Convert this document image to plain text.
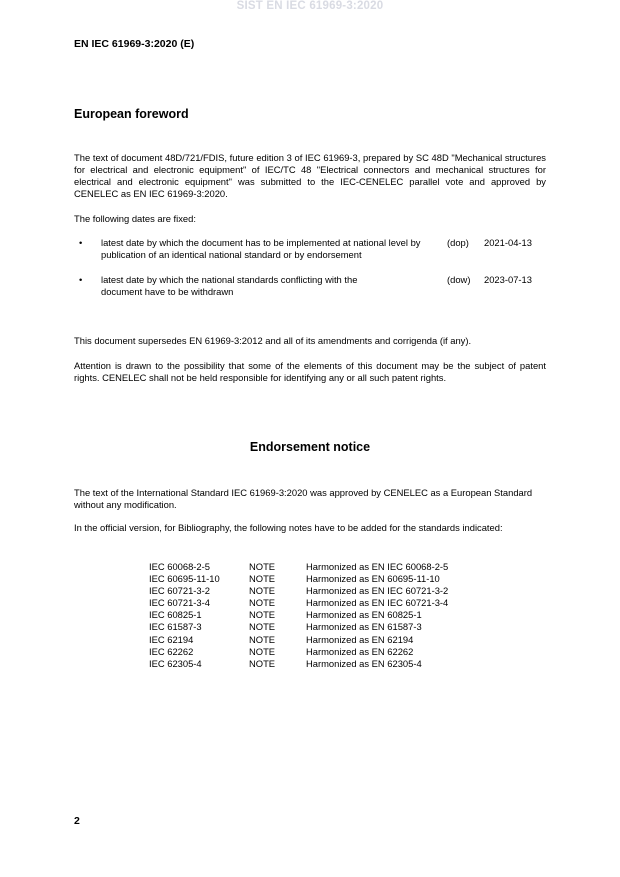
SIST EN IEC 61969-3:2020
EN IEC 61969-3:2020 (E)
European foreword
The text of document 48D/721/FDIS, future edition 3 of IEC 61969-3, prepared by SC 48D "Mechanical structures for electrical and electronic equipment" of IEC/TC 48 "Electrical connectors and mechanical structures for electrical and electronic equipment" was submitted to the IEC-CENELEC parallel vote and approved by CENELEC as EN IEC 61969-3:2020.
The following dates are fixed:
• latest date by which the document has to be implemented at national level by publication of an identical national standard or by endorsement
(dop) 2021-04-13
• latest date by which the national standards conflicting with the document have to be withdrawn
(dow) 2023-07-13
This document supersedes EN 61969-3:2012 and all of its amendments and corrigenda (if any).
Attention is drawn to the possibility that some of the elements of this document may be the subject of patent rights. CENELEC shall not be held responsible for identifying any or all such patent rights.
Endorsement notice
The text of the International Standard IEC 61969-3:2020 was approved by CENELEC as a European Standard without any modification.
In the official version, for Bibliography, the following notes have to be added for the standards indicated:
IEC 60068-2-5	NOTE	Harmonized as EN IEC 60068-2-5
IEC 60695-11-10	NOTE	Harmonized as EN 60695-11-10
IEC 60721-3-2	NOTE	Harmonized as EN IEC 60721-3-2
IEC 60721-3-4	NOTE	Harmonized as EN IEC 60721-3-4
IEC 60825-1	NOTE	Harmonized as EN 60825-1
IEC 61587-3	NOTE	Harmonized as EN 61587-3
IEC 62194	NOTE	Harmonized as EN 62194
IEC 62262	NOTE	Harmonized as EN 62262
IEC 62305-4	NOTE	Harmonized as EN 62305-4
2
